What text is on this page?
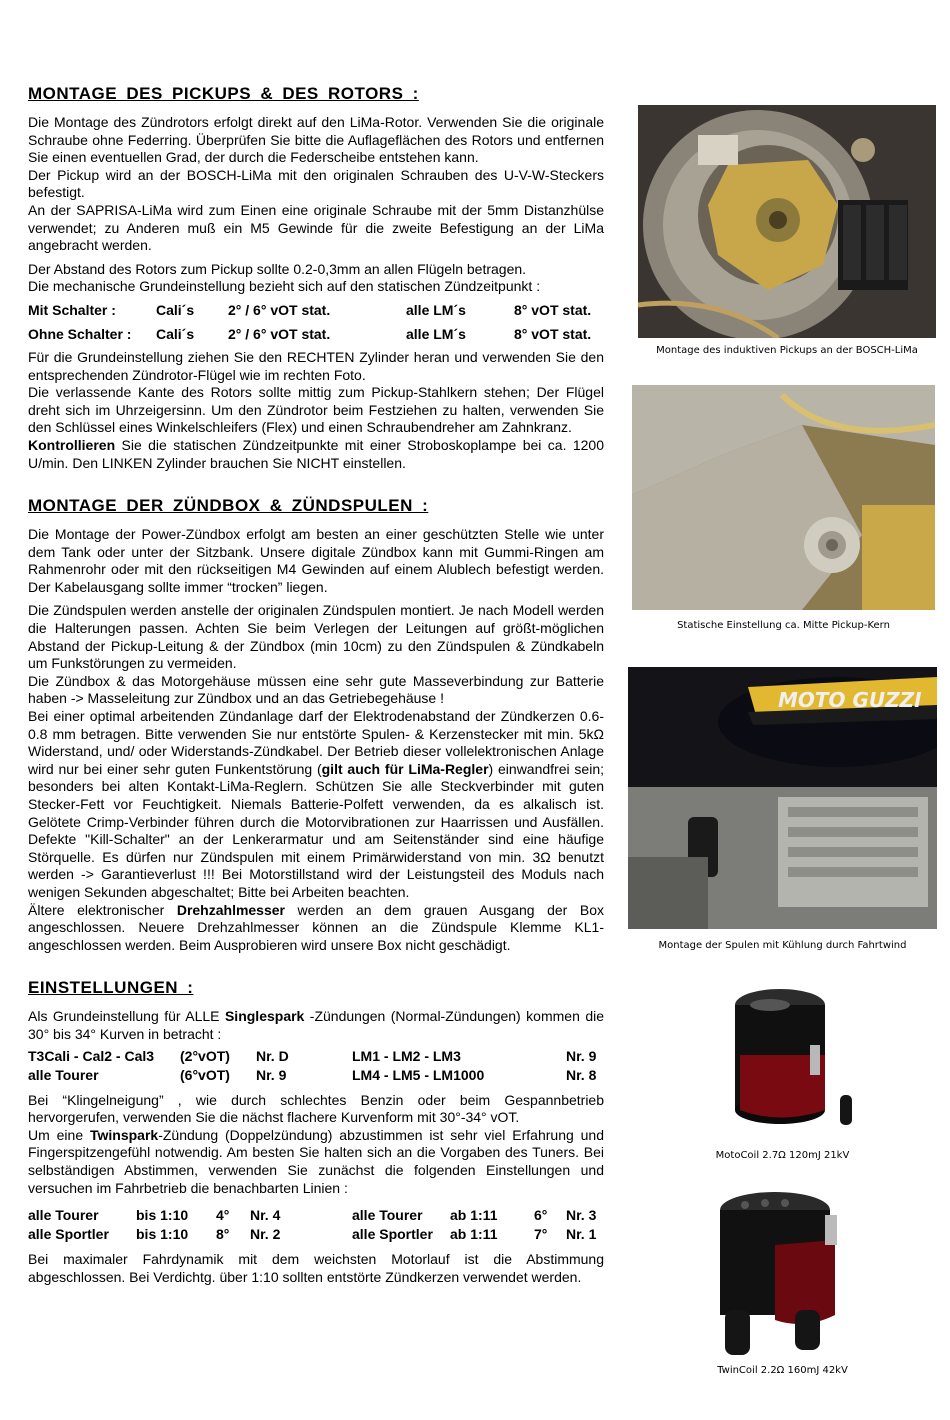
MONTAGE DES PICKUPS & DES ROTORS :

Die Montage des Zündrotors erfolgt direkt auf den LiMa-Rotor. Verwenden Sie die originale Schraube ohne Federring. Überprüfen Sie bitte die Auflageflächen des Rotors und entfernen Sie einen eventuellen Grad, der durch die Federscheibe entstehen kann.

Der Pickup wird an der BOSCH-LiMa mit den originalen Schrauben des U-V-W-Steckers befestigt.

An der SAPRISA-LiMa wird zum Einen eine originale Schraube mit der 5mm Distanzhülse verwendet; zu Anderen muß ein M5 Gewinde für die zweite Befestigung an der LiMa angebracht werden.

Der Abstand des Rotors zum Pickup sollte 0.2-0,3mm an allen Flügeln betragen.

Die mechanische Grundeinstellung bezieht sich auf den statischen Zündzeitpunkt :

Mit Schalter :	Cali´s	2° / 6° vOT stat.	alle LM´s	8° vOT stat.
Ohne Schalter :	Cali´s	2° / 6° vOT stat.	alle LM´s	8° vOT stat.

Für die Grundeinstellung ziehen Sie den RECHTEN Zylinder heran und verwenden Sie den entsprechenden Zündrotor-Flügel wie im rechten Foto.

Die verlassende Kante des Rotors sollte mittig zum Pickup-Stahlkern stehen; Der Flügel dreht sich im Uhrzeigersinn. Um den Zündrotor beim Festziehen zu halten, verwenden Sie den Schlüssel eines Winkelschleifers (Flex) und einen Schraubendreher am Zahnkranz.

Kontrollieren Sie die statischen Zündzeitpunkte mit einer Stroboskoplampe bei ca. 1200 U/min. Den LINKEN Zylinder brauchen Sie NICHT einstellen.

MONTAGE DER ZÜNDBOX & ZÜNDSPULEN :

Die Montage der Power-Zündbox erfolgt am besten an einer geschützten Stelle wie unter dem Tank oder unter der Sitzbank. Unsere digitale Zündbox kann mit Gummi-Ringen am Rahmenrohr oder mit den rückseitigen M4 Gewinden auf einem Alublech befestigt werden. Der Kabelausgang sollte immer “trocken” liegen.

Die Zündspulen werden anstelle der originalen Zündspulen montiert. Je nach Modell werden die Halterungen passen. Achten Sie beim Verlegen der Leitungen auf größt-möglichen Abstand der Pickup-Leitung & der Zündbox (min 10cm) zu den Zündspulen & Zündkabeln um Funkstörungen zu vermeiden.

Die Zündbox & das Motorgehäuse müssen eine sehr gute Masseverbindung zur Batterie haben -> Masseleitung zur Zündbox und an das Getriebegehäuse !

Bei einer optimal arbeitenden Zündanlage darf der Elektrodenabstand der Zündkerzen 0.6-0.8 mm betragen. Bitte verwenden Sie nur entstörte Spulen- & Kerzenstecker mit min. 5kΩ Widerstand, und/ oder Widerstands-Zündkabel. Der Betrieb dieser vollelektronischen Anlage wird nur bei einer sehr guten Funkentstörung (gilt auch für LiMa-Regler) einwandfrei sein; besonders bei alten Kontakt-LiMa-Reglern. Schützen Sie alle Steckverbinder mit guten Stecker-Fett vor Feuchtigkeit. Niemals Batterie-Polfett verwenden, da es alkalisch ist. Gelötete Crimp-Verbinder führen durch die Motorvibrationen zur Haarrissen und Ausfällen. Defekte "Kill-Schalter" an der Lenkerarmatur und am Seitenständer sind eine häufige Störquelle. Es dürfen nur Zündspulen mit einem Primärwiderstand von min. 3Ω benutzt werden -> Garantieverlust !!! Bei Motorstillstand wird der Leistungsteil des Moduls nach wenigen Sekunden abgeschaltet; Bitte bei Arbeiten beachten.

Ältere elektronischer Drehzahlmesser werden an dem grauen Ausgang der Box angeschlossen. Neuere Drehzahlmesser können an die Zündspule Klemme KL1-angeschlossen werden. Beim Ausprobieren wird unsere Box nicht geschädigt.

EINSTELLUNGEN :

Als Grundeinstellung für ALLE Singlespark -Zündungen (Normal-Zündungen) kommen die 30° bis 34° Kurven in betracht :

T3Cali - Cal2 - Cal3	(2°vOT)	Nr. D	LM1 - LM2 - LM3	Nr. 9
alle Tourer	(6°vOT)	Nr. 9	LM4 - LM5 - LM1000	Nr. 8

Bei “Klingelneigung” , wie durch schlechtes Benzin oder beim Gespannbetrieb hervorgerufen, verwenden Sie die nächst flachere Kurvenform mit 30°-34° vOT.

Um eine Twinspark-Zündung (Doppelzündung) abzustimmen ist sehr viel Erfahrung und Fingerspitzengefühl notwendig. Am besten Sie halten sich an die Vorgaben des Tuners. Bei selbständigen Abstimmen, verwenden Sie zunächst die folgenden Einstellungen und versuchen im Fahrbetrieb die benachbarten Linien :

alle Tourer	bis 1:10	4°	Nr. 4	alle Tourer	ab 1:11	6°	Nr. 3
alle Sportler	bis 1:10	8°	Nr. 2	alle Sportler	ab 1:11	7°	Nr. 1

Bei maximaler Fahrdynamik mit dem weichsten Motorlauf ist die Abstimmung abgeschlossen. Bei Verdichtg. über 1:10 sollten entstörte Zündkerzen verwendet werden.

Montage des induktiven Pickups an der BOSCH-LiMa
Statische Einstellung ca. Mitte Pickup-Kern
MOTO GUZZI
Montage der Spulen mit Kühlung durch Fahrtwind
MotoCoil 2.7Ω 120mJ 21kV
TwinCoil 2.2Ω 160mJ 42kV
